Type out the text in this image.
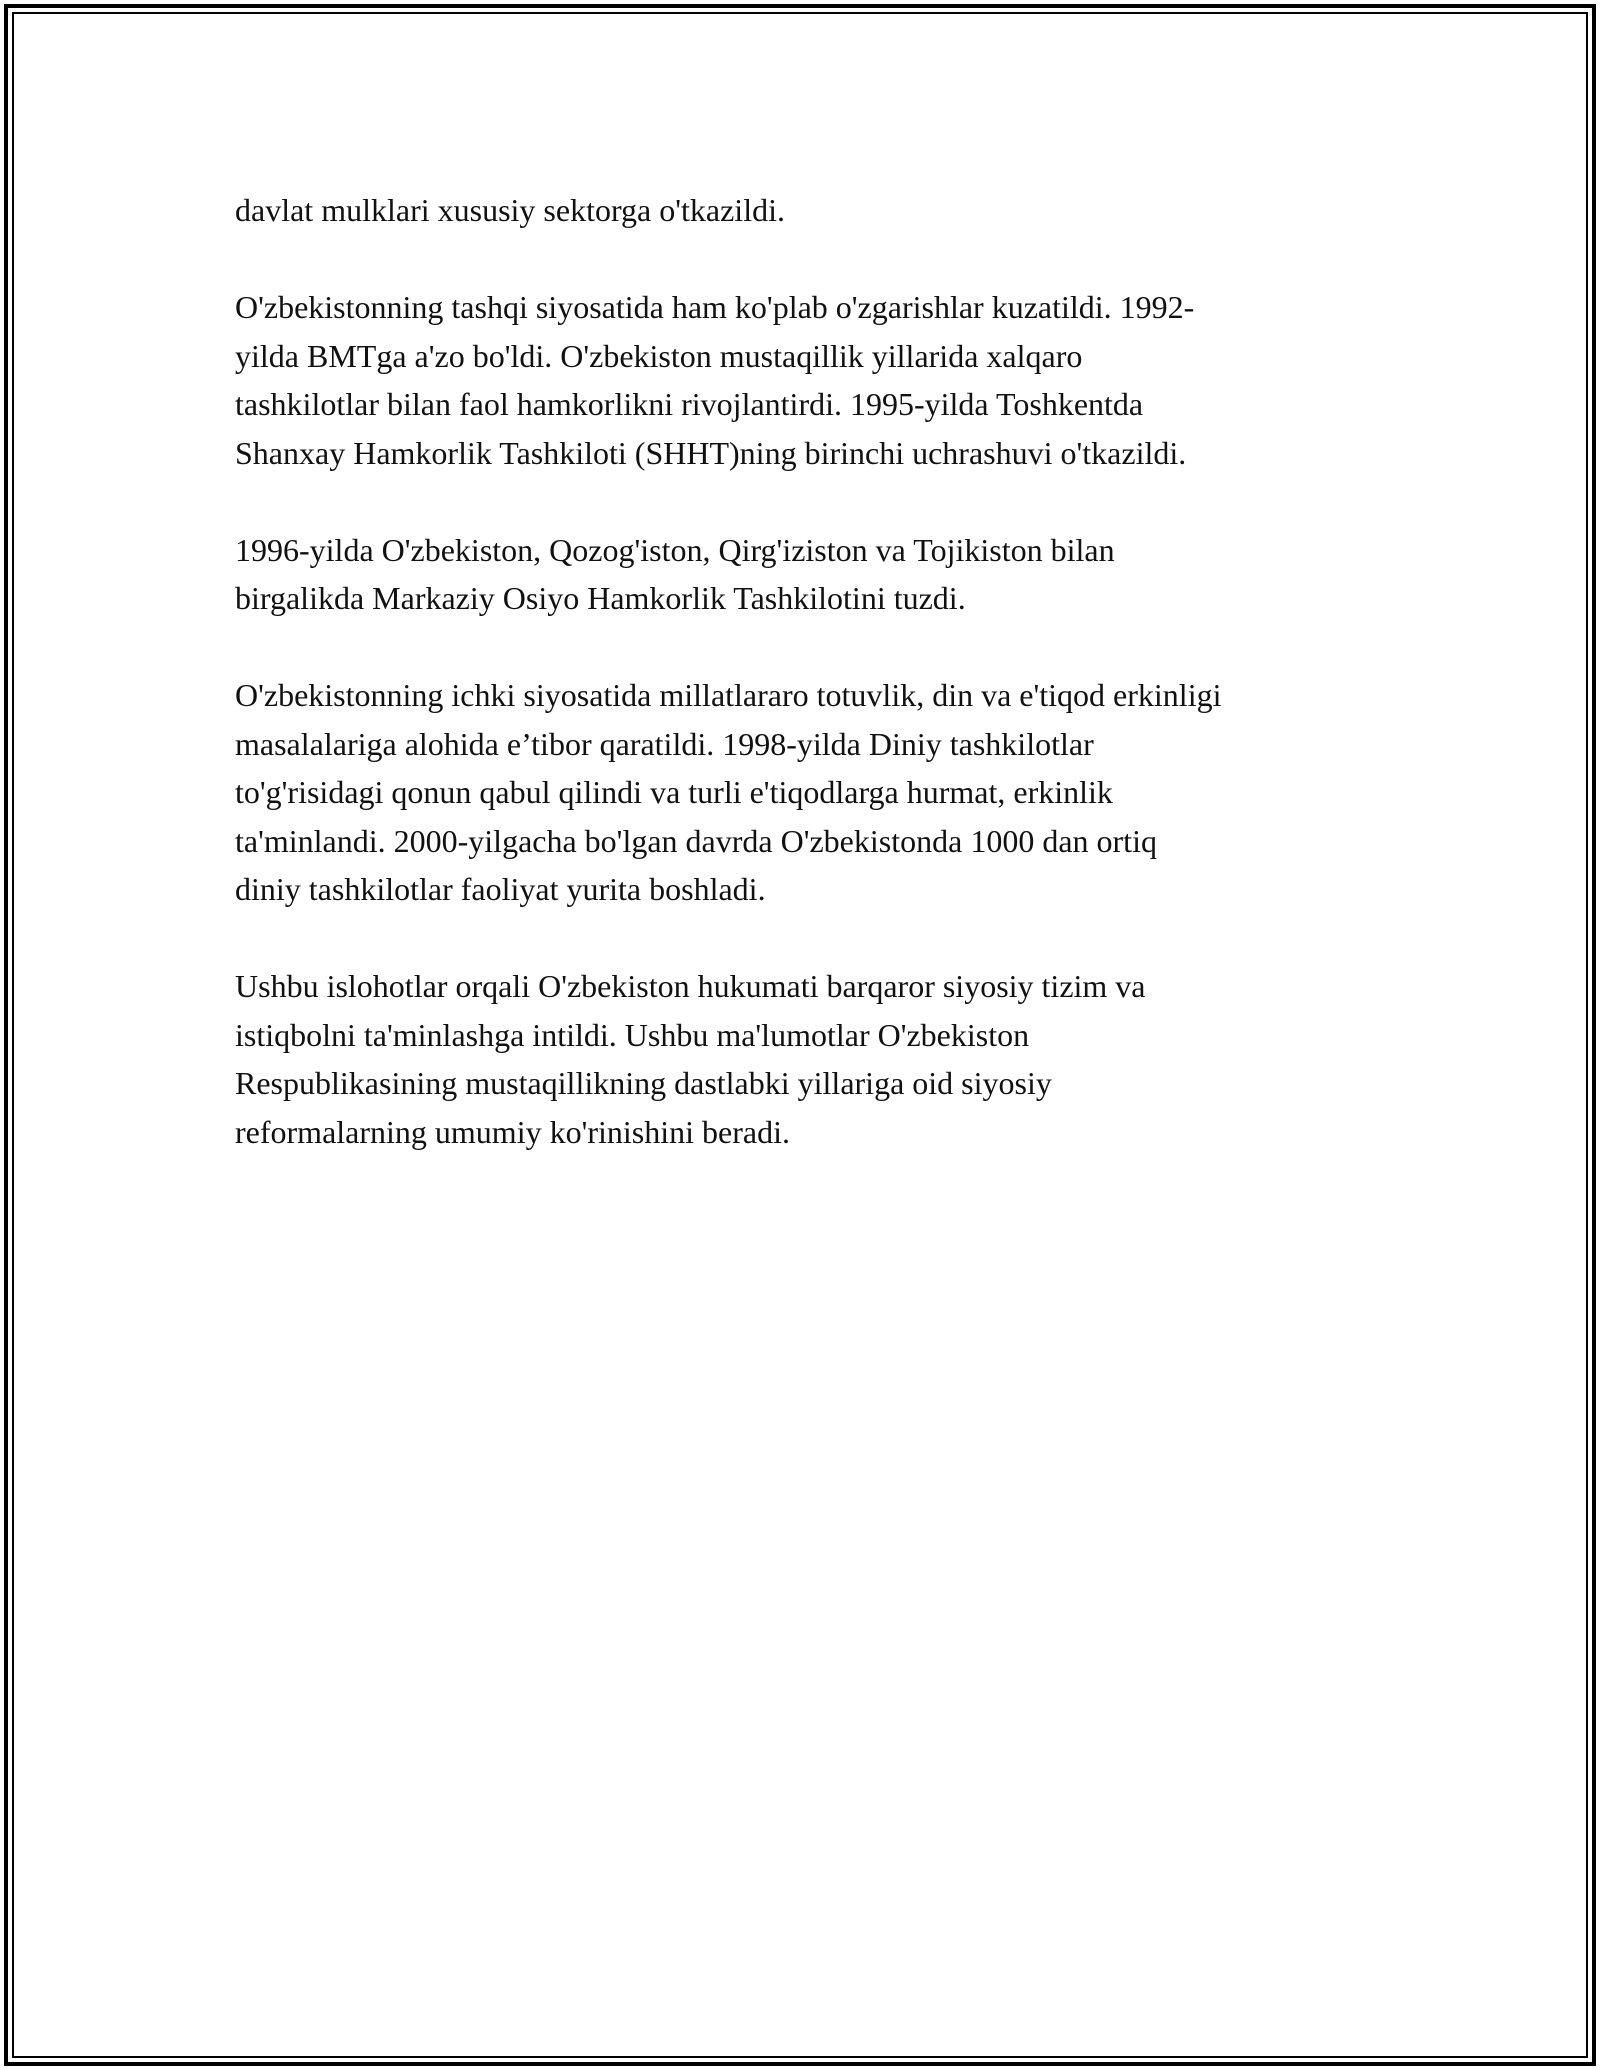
davlat mulklari xususiy sektorga o'tkazildi.

O'zbekistonning tashqi siyosatida ham ko'plab o'zgarishlar kuzatildi. 1992-
yilda BMTga a'zo bo'ldi. O'zbekiston mustaqillik yillarida xalqaro
tashkilotlar bilan faol hamkorlikni rivojlantirdi. 1995-yilda Toshkentda
Shanxay Hamkorlik Tashkiloti (SHHT)ning birinchi uchrashuvi o'tkazildi.

1996-yilda O'zbekiston, Qozog'iston, Qirg'iziston va Tojikiston bilan
birgalikda Markaziy Osiyo Hamkorlik Tashkilotini tuzdi.

O'zbekistonning ichki siyosatida millatlararo totuvlik, din va e'tiqod erkinligi
masalalariga alohida e’tibor qaratildi. 1998-yilda Diniy tashkilotlar
to'g'risidagi qonun qabul qilindi va turli e'tiqodlarga hurmat, erkinlik
ta'minlandi. 2000-yilgacha bo'lgan davrda O'zbekistonda 1000 dan ortiq
diniy tashkilotlar faoliyat yurita boshladi.

Ushbu islohotlar orqali O'zbekiston hukumati barqaror siyosiy tizim va
istiqbolni ta'minlashga intildi. Ushbu ma'lumotlar O'zbekiston
Respublikasining mustaqillikning dastlabki yillariga oid siyosiy
reformalarning umumiy ko'rinishini beradi.
